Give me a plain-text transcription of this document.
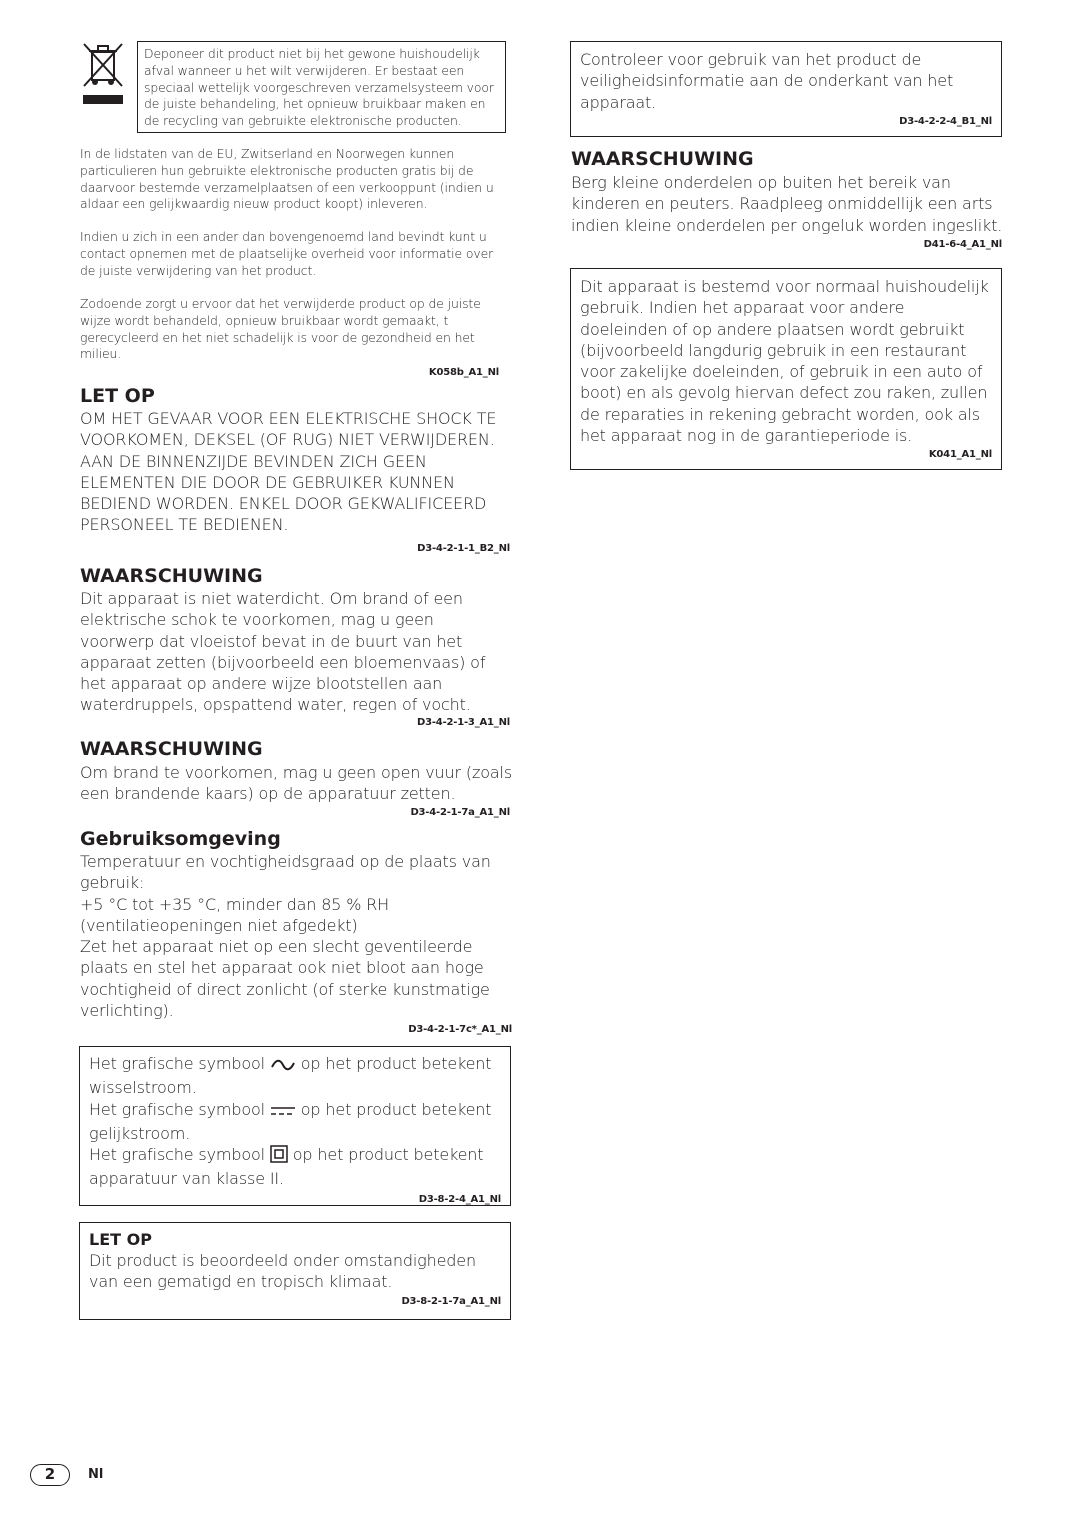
Deponeer dit product niet bij het gewone huishoudelijk afval wanneer u het wilt verwijderen. Er bestaat een speciaal wettelijk voorgeschreven verzamelsysteem voor de juiste behandeling, het opnieuw bruikbaar maken en de recycling van gebruikte elektronische producten.

In de lidstaten van de EU, Zwitserland en Noorwegen kunnen particulieren hun gebruikte elektronische producten gratis bij de daarvoor bestemde verzamelplaatsen of een verkooppunt (indien u aldaar een gelijkwaardig nieuw product koopt) inleveren.

Indien u zich in een ander dan bovengenoemd land bevindt kunt u contact opnemen met de plaatselijke overheid voor informatie over de juiste verwijdering van het product.

Zodoende zorgt u ervoor dat het verwijderde product op de juiste wijze wordt behandeld, opnieuw bruikbaar wordt gemaakt, t gerecycleerd en het niet schadelijk is voor de gezondheid en het milieu.

K058b_A1_Nl
LET OP

OM HET GEVAAR VOOR EEN ELEKTRISCHE SHOCK TE VOORKOMEN, DEKSEL (OF RUG) NIET VERWIJDEREN. AAN DE BINNENZIJDE BEVINDEN ZICH GEEN ELEMENTEN DIE DOOR DE GEBRUIKER KUNNEN BEDIEND WORDEN. ENKEL DOOR GEKWALIFICEERD PERSONEEL TE BEDIENEN.

D3-4-2-1-1_B2_Nl
WAARSCHUWING

Dit apparaat is niet waterdicht. Om brand of een elektrische schok te voorkomen, mag u geen voorwerp dat vloeistof bevat in de buurt van het apparaat zetten (bijvoorbeeld een bloemenvaas) of het apparaat op andere wijze blootstellen aan waterdruppels, opspattend water, regen of vocht.

D3-4-2-1-3_A1_Nl
WAARSCHUWING

Om brand te voorkomen, mag u geen open vuur (zoals een brandende kaars) op de apparatuur zetten.

D3-4-2-1-7a_A1_Nl
Gebruiksomgeving

Temperatuur en vochtigheidsgraad op de plaats van gebruik:

+5 °C tot +35 °C, minder dan 85 % RH (ventilatieopeningen niet afgedekt)

Zet het apparaat niet op een slecht geventileerde plaats en stel het apparaat ook niet bloot aan hoge vochtigheid of direct zonlicht (of sterke kunstmatige verlichting).

D3-4-2-1-7c*_A1_Nl

Het grafische symbool op het product betekent wisselstroom.

Het grafische symbool op het product betekent gelijkstroom.

Het grafische symbool op het product betekent apparatuur van klasse II.

D3-8-2-4_A1_Nl
LET OP

Dit product is beoordeeld onder omstandigheden van een gematigd en tropisch klimaat.

D3-8-2-1-7a_A1_Nl

Controleer voor gebruik van het product de veiligheidsinformatie aan de onderkant van het apparaat.

D3-4-2-2-4_B1_Nl
WAARSCHUWING

Berg kleine onderdelen op buiten het bereik van kinderen en peuters. Raadpleeg onmiddellijk een arts indien kleine onderdelen per ongeluk worden ingeslikt.

D41-6-4_A1_Nl

Dit apparaat is bestemd voor normaal huishoudelijk gebruik. Indien het apparaat voor andere doeleinden of op andere plaatsen wordt gebruikt (bijvoorbeeld langdurig gebruik in een restaurant voor zakelijke doeleinden, of gebruik in een auto of boot) en als gevolg hiervan defect zou raken, zullen de reparaties in rekening gebracht worden, ook als het apparaat nog in de garantieperiode is.

K041_A1_Nl
2	Nl
